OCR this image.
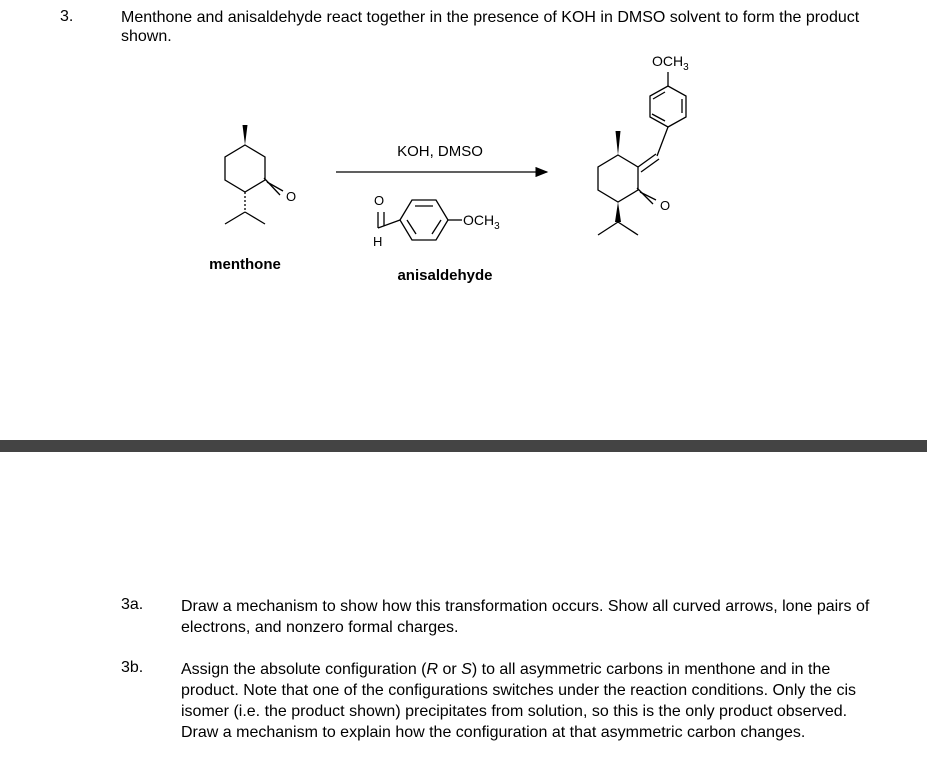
3.	Menthone and anisaldehyde react together in the presence of KOH in DMSO solvent to form the product shown.
O
menthone
KOH, DMSO
O
H
$OCH_3$
anisaldehyde
O
$OCH_3$
3a. Draw a mechanism to show how this transformation occurs. Show all curved arrows, lone pairs of electrons, and nonzero formal charges.
3b. Assign the absolute configuration (R or S) to all asymmetric carbons in menthone and in the product. Note that one of the configurations switches under the reaction conditions. Only the cis isomer (i.e. the product shown) precipitates from solution, so this is the only product observed. Draw a mechanism to explain how the configuration at that asymmetric carbon changes.
